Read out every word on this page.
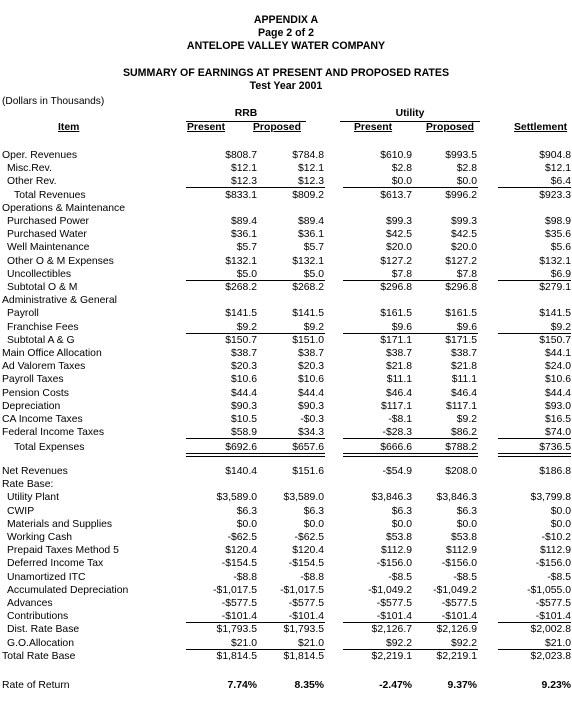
APPENDIX A
Page 2 of 2
ANTELOPE VALLEY WATER COMPANY
SUMMARY OF EARNINGS AT PRESENT AND PROPOSED RATES
Test Year 2001
(Dollars in Thousands)
RRB	Utility
Item	Present	Proposed	Present	Proposed	Settlement
Oper. Revenues	$808.7	$784.8	$610.9	$993.5	$904.8
Misc.Rev.	$12.1	$12.1	$2.8	$2.8	$12.1
Other Rev.	$12.3	$12.3	$0.0	$0.0	$6.4
Total Revenues	$833.1	$809.2	$613.7	$996.2	$923.3
Operations & Maintenance
Purchased Power	$89.4	$89.4	$99.3	$99.3	$98.9
Purchased Water	$36.1	$36.1	$42.5	$42.5	$35.6
Well Maintenance	$5.7	$5.7	$20.0	$20.0	$5.6
Other O & M Expenses	$132.1	$132.1	$127.2	$127.2	$132.1
Uncollectibles	$5.0	$5.0	$7.8	$7.8	$6.9
Subtotal O & M	$268.2	$268.2	$296.8	$296.8	$279.1
Administrative & General
Payroll	$141.5	$141.5	$161.5	$161.5	$141.5
Franchise Fees	$9.2	$9.2	$9.6	$9.6	$9.2
Subtotal A & G	$150.7	$151.0	$171.1	$171.5	$150.7
Main Office Allocation	$38.7	$38.7	$38.7	$38.7	$44.1
Ad Valorem Taxes	$20.3	$20.3	$21.8	$21.8	$24.0
Payroll Taxes	$10.6	$10.6	$11.1	$11.1	$10.6
Pension Costs	$44.4	$44.4	$46.4	$46.4	$44.4
Depreciation	$90.3	$90.3	$117.1	$117.1	$93.0
CA Income Taxes	$10.5	-$0.3	-$8.1	$9.2	$16.5
Federal Income Taxes	$58.9	$34.3	-$28.3	$86.2	$74.0
Total Expenses	$692.6	$657.6	$666.6	$788.2	$736.5
Net Revenues	$140.4	$151.6	-$54.9	$208.0	$186.8
Rate Base:
Utility Plant	$3,589.0	$3,589.0	$3,846.3	$3,846.3	$3,799.8
CWIP	$6.3	$6.3	$6.3	$6.3	$0.0
Materials and Supplies	$0.0	$0.0	$0.0	$0.0	$0.0
Working Cash	-$62.5	-$62.5	$53.8	$53.8	-$10.2
Prepaid Taxes Method 5	$120.4	$120.4	$112.9	$112.9	$112.9
Deferred Income Tax	-$154.5	-$154.5	-$156.0	-$156.0	-$156.0
Unamortized ITC	-$8.8	-$8.8	-$8.5	-$8.5	-$8.5
Accumulated Depreciation	-$1,017.5	-$1,017.5	-$1,049.2	-$1,049.2	-$1,055.0
Advances	-$577.5	-$577.5	-$577.5	-$577.5	-$577.5
Contributions	-$101.4	-$101.4	-$101.4	-$101.4	-$101.4
Dist. Rate Base	$1,793.5	$1,793.5	$2,126.7	$2,126.9	$2,002.8
G.O.Allocation	$21.0	$21.0	$92.2	$92.2	$21.0
Total Rate Base	$1,814.5	$1,814.5	$2,219.1	$2,219.1	$2,023.8
Rate of Return	7.74%	8.35%	-2.47%	9.37%	9.23%
